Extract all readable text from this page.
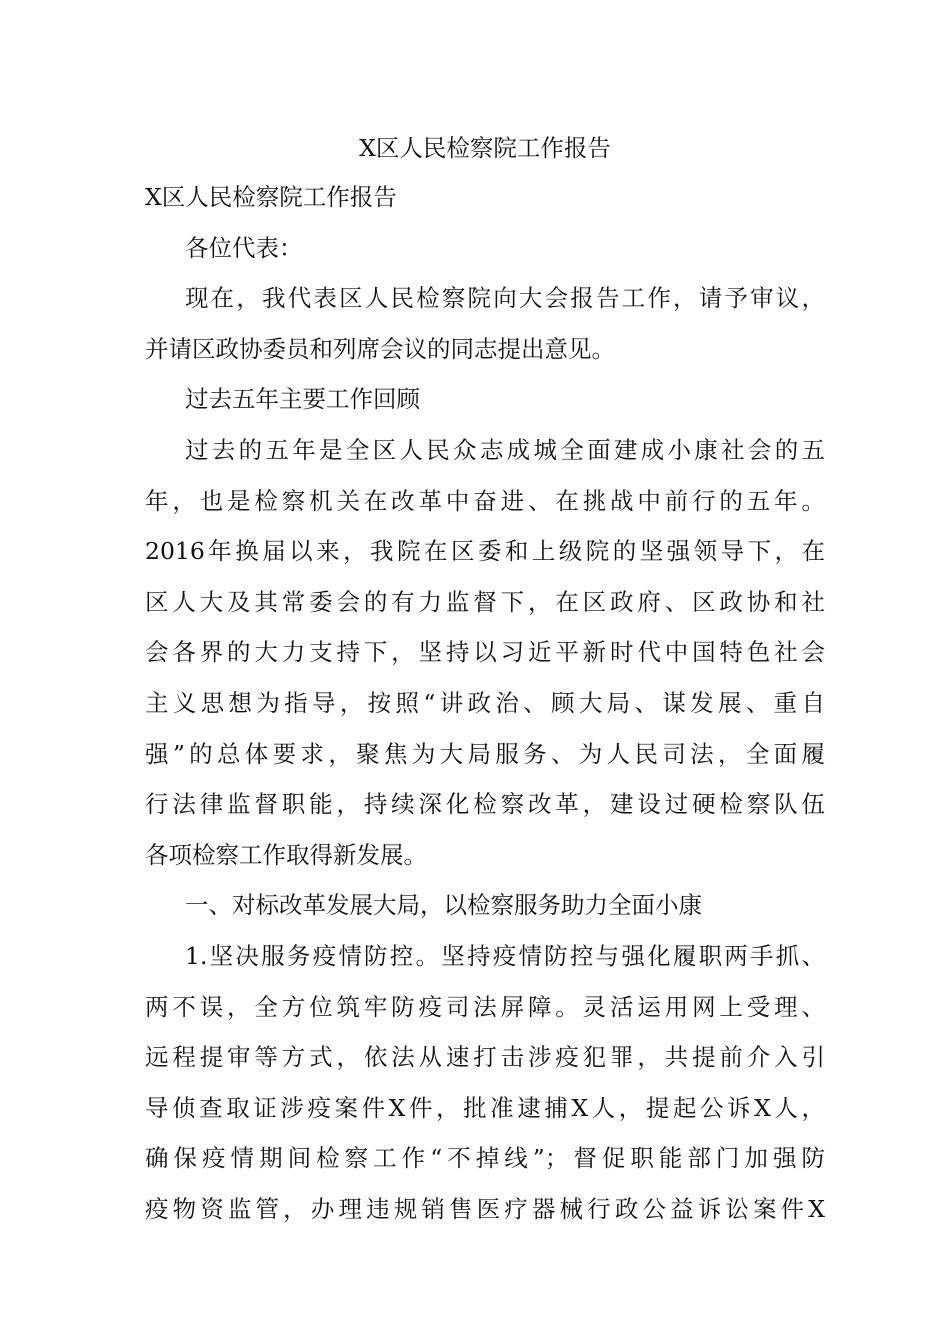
X区人民检察院工作报告
X区人民检察院工作报告
各位代表：
现在，我代表区人民检察院向大会报告工作，请予审议，
并请区政协委员和列席会议的同志提出意见。
过去五年主要工作回顾
过去的五年是全区人民众志成城全面建成小康社会的五
年，也是检察机关在改革中奋进、在挑战中前行的五年。
2016年换届以来，我院在区委和上级院的坚强领导下，在
区人大及其常委会的有力监督下，在区政府、区政协和社
会各界的大力支持下，坚持以习近平新时代中国特色社会
主义思想为指导，按照“讲政治、顾大局、谋发展、重自
强”的总体要求，聚焦为大局服务、为人民司法，全面履
行法律监督职能，持续深化检察改革，建设过硬检察队伍
各项检察工作取得新发展。
一、对标改革发展大局，以检察服务助力全面小康
1.坚决服务疫情防控。坚持疫情防控与强化履职两手抓、
两不误，全方位筑牢防疫司法屏障。灵活运用网上受理、
远程提审等方式，依法从速打击涉疫犯罪，共提前介入引
导侦查取证涉疫案件X件，批准逮捕X人，提起公诉X人，
确保疫情期间检察工作“不掉线”；督促职能部门加强防
疫物资监管，办理违规销售医疗器械行政公益诉讼案件X
